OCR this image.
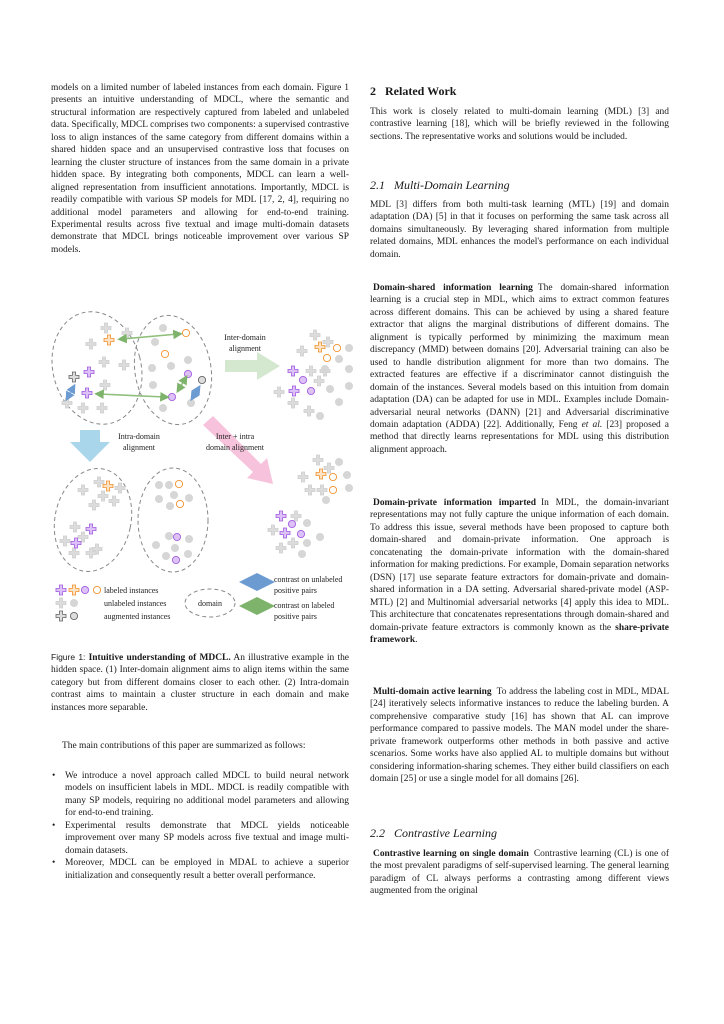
models on a limited number of labeled instances from each domain. Figure 1 presents an intuitive understanding of MDCL, where the semantic and structural information are respectively captured from labeled and unlabeled data. Specifically, MDCL comprises two components: a supervised contrastive loss to align instances of the same category from different domains within a shared hidden space and an unsupervised contrastive loss that focuses on learning the cluster structure of instances from the same domain in a private hidden space. By integrating both components, MDCL can learn a well-aligned representation from insufficient annotations. Importantly, MDCL is readily compatible with various SP models for MDL [17, 2, 4], requiring no additional model parameters and allowing for end-to-end training. Experimental results across five textual and image multi-domain datasets demonstrate that MDCL brings noticeable improvement over various SP models.
Inter-domain
alignment
Intra-domain
alignment
Inter + intra
domain alignment
labeled instances
unlabeled instances
augmented instances
domain
contrast on unlabeled
positive pairs
contrast on labeled
positive pairs
Figure 1: Intuitive understanding of MDCL. An illustrative example in the hidden space. (1) Inter-domain alignment aims to align items within the same category but from different domains closer to each other. (2) Intra-domain contrast aims to maintain a cluster structure in each domain and make instances more separable.
The main contributions of this paper are summarized as follows:
• We introduce a novel approach called MDCL to build neural network models on insufficient labels in MDL. MDCL is readily compatible with many SP models, requiring no additional model parameters and allowing for end-to-end training.
• Experimental results demonstrate that MDCL yields noticeable improvement over many SP models across five textual and image multi-domain datasets.
• Moreover, MDCL can be employed in MDAL to achieve a superior initialization and consequently result a better overall performance.
2   Related Work
This work is closely related to multi-domain learning (MDL) [3] and contrastive learning [18], which will be briefly reviewed in the following sections. The representative works and solutions would be included.
2.1   Multi-Domain Learning
MDL [3] differs from both multi-task learning (MTL) [19] and domain adaptation (DA) [5] in that it focuses on performing the same task across all domains simultaneously. By leveraging shared information from multiple related domains, MDL enhances the model's performance on each individual domain.
Domain-shared information learning The domain-shared information learning is a crucial step in MDL, which aims to extract common features across different domains. This can be achieved by using a shared feature extractor that aligns the marginal distributions of different domains. The alignment is typically performed by minimizing the maximum mean discrepancy (MMD) between domains [20]. Adversarial training can also be used to handle distribution alignment for more than two domains. The extracted features are effective if a discriminator cannot distinguish the domain of the instances. Several models based on this intuition from domain adaptation (DA) can be adapted for use in MDL. Examples include Domain-adversarial neural networks (DANN) [21] and Adversarial discriminative domain adaptation (ADDA) [22]. Additionally, Feng et al. [23] proposed a method that directly learns representations for MDL using this distribution alignment approach.
Domain-private information imparted In MDL, the domain-invariant representations may not fully capture the unique information of each domain. To address this issue, several methods have been proposed to capture both domain-shared and domain-private information. One approach is concatenating the domain-private information with the domain-shared information for making predictions. For example, Domain separation networks (DSN) [17] use separate feature extractors for domain-private and domain-shared information in a DA setting. Adversarial shared-private model (ASP-MTL) [2] and Multinomial adversarial networks [4] apply this idea to MDL. This architecture that concatenates representations through domain-shared and domain-private feature extractors is commonly known as the share-private framework.
Multi-domain active learning To address the labeling cost in MDL, MDAL [24] iteratively selects informative instances to reduce the labeling burden. A comprehensive comparative study [16] has shown that AL can improve performance compared to passive models. The MAN model under the share-private framework outperforms other methods in both passive and active scenarios. Some works have also applied AL to multiple domains but without considering information-sharing schemes. They either build classifiers on each domain [25] or use a single model for all domains [26].
2.2   Contrastive Learning
Contrastive learning on single domain Contrastive learning (CL) is one of the most prevalent paradigms of self-supervised learning. The general learning paradigm of CL always performs a contrasting among different views augmented from the original
